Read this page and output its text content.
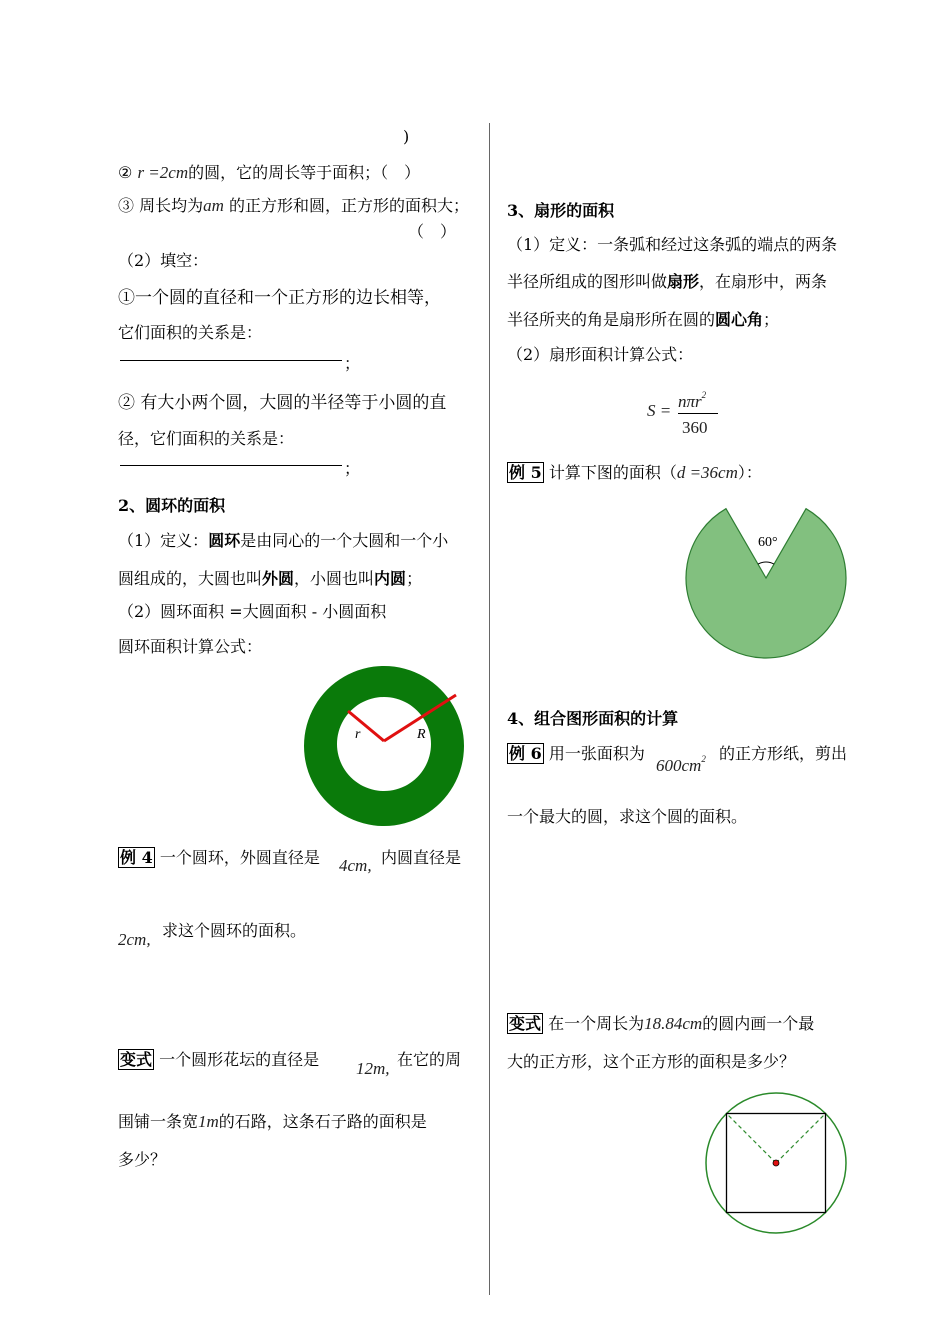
)
② r =2cm的圆，它的周长等于面积；（　）
③ 周长均为am 的正方形和圆，正方形的面积大；
（　）
（2）填空：
①一个圆的直径和一个正方形的边长相等，
它们面积的关系是：
；
② 有大小两个圆，大圆的半径等于小圆的直
径，它们面积的关系是：
；
2、圆环的面积
（1）定义：圆环是由同心的一个大圆和一个小
圆组成的，大圆也叫外圆，小圆也叫内圆；
（2）圆环面积 =大圆面积 - 小圆面积
圆环面积计算公式：
r	R
例 4 一个圆环，外圆直径是 4cm, 内圆直径是
2cm, 求这个圆环的面积。
变式 一个圆形花坛的直径是 12m, 在它的周
围铺一条宽1m的石路，这条石子路的面积是
多少？
3、扇形的面积
（1）定义：一条弧和经过这条弧的端点的两条
半径所组成的图形叫做扇形，在扇形中，两条
半径所夹的角是扇形所在圆的圆心角；
（2）扇形面积计算公式：
S = nπr$^2$
360
例 5 计算下图的面积（d =36cm）：
60°
4、组合图形面积的计算
例 6 用一张面积为
$600cm^2$ 的正方形纸，剪出
一个最大的圆，求这个圆的面积。
变式 在一个周长为18.84cm的圆内画一个最
大的正方形，这个正方形的面积是多少？
